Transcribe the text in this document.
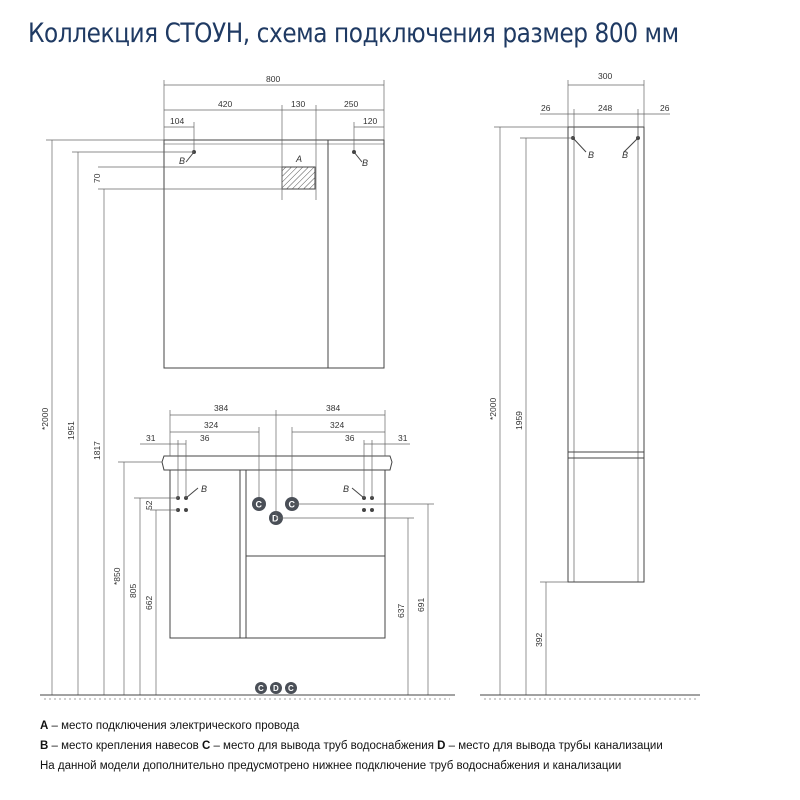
Коллекция СТОУН, схема подключения размер 800 мм
A
B	B
800
420	130	250
104	120
*2000
1951
1817
70
B	B
C	C
D
C D C
384	384
324	324
31	36	36	31
52
*850
805
662
637 691
B	B
300
26	248	26
*2000
1959
392
A – место подключения электрического провода
B – место крепления навесов C – место для вывода труб водоснабжения D – место для вывода трубы канализации
На данной модели дополнительно предусмотрено нижнее подключение труб водоснабжения и канализации
